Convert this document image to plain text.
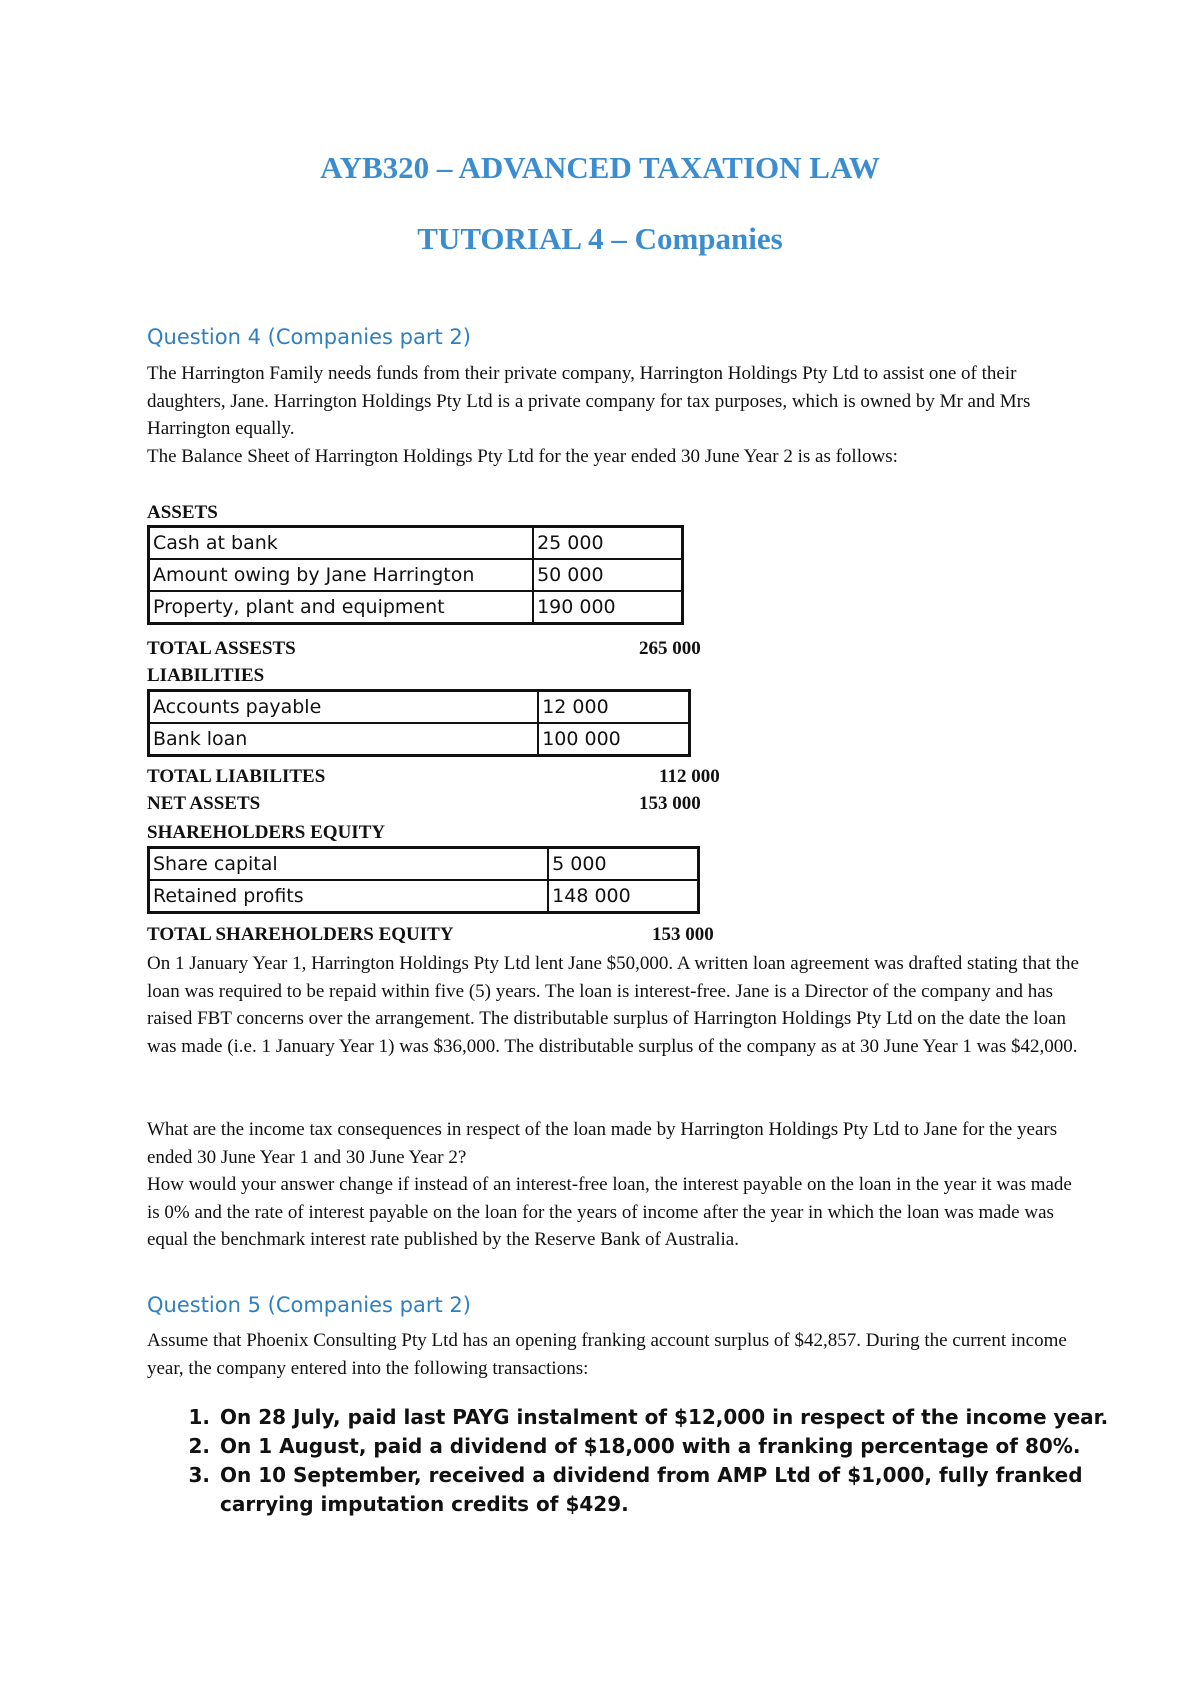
AYB320 – ADVANCED TAXATION LAW
TUTORIAL 4 – Companies
Question 4 (Companies part 2)

The Harrington Family needs funds from their private company, Harrington Holdings Pty Ltd to assist one of their daughters, Jane. Harrington Holdings Pty Ltd is a private company for tax purposes, which is owned by Mr and Mrs Harrington equally.

The Balance Sheet of Harrington Holdings Pty Ltd for the year ended 30 June Year 2 is as follows:

ASSETS
Cash at bank	25 000
Amount owing by Jane Harrington	50 000
Property, plant and equipment	190 000
TOTAL ASSESTS	265 000
LIABILITIES
Accounts payable	12 000
Bank loan	100 000
TOTAL LIABILITES	112 000
NET ASSETS	153 000
SHAREHOLDERS EQUITY
Share capital	5 000
Retained profits	148 000
TOTAL SHAREHOLDERS EQUITY	153 000

On 1 January Year 1, Harrington Holdings Pty Ltd lent Jane $50,000. A written loan agreement was drafted stating that the loan was required to be repaid within five (5) years. The loan is interest-free. Jane is a Director of the company and has raised FBT concerns over the arrangement. The distributable surplus of Harrington Holdings Pty Ltd on the date the loan was made (i.e. 1 January Year 1) was $36,000. The distributable surplus of the company as at 30 June Year 1 was $42,000.

What are the income tax consequences in respect of the loan made by Harrington Holdings Pty Ltd to Jane for the years ended 30 June Year 1 and 30 June Year 2?

How would your answer change if instead of an interest-free loan, the interest payable on the loan in the year it was made is 0% and the rate of interest payable on the loan for the years of income after the year in which the loan was made was equal the benchmark interest rate published by the Reserve Bank of Australia.

Question 5 (Companies part 2)

Assume that Phoenix Consulting Pty Ltd has an opening franking account surplus of $42,857. During the current income year, the company entered into the following transactions:

1. On 28 July, paid last PAYG instalment of $12,000 in respect of the income year.
2. On 1 August, paid a dividend of $18,000 with a franking percentage of 80%.
3. On 10 September, received a dividend from AMP Ltd of $1,000, fully franked carrying imputation credits of $429.
